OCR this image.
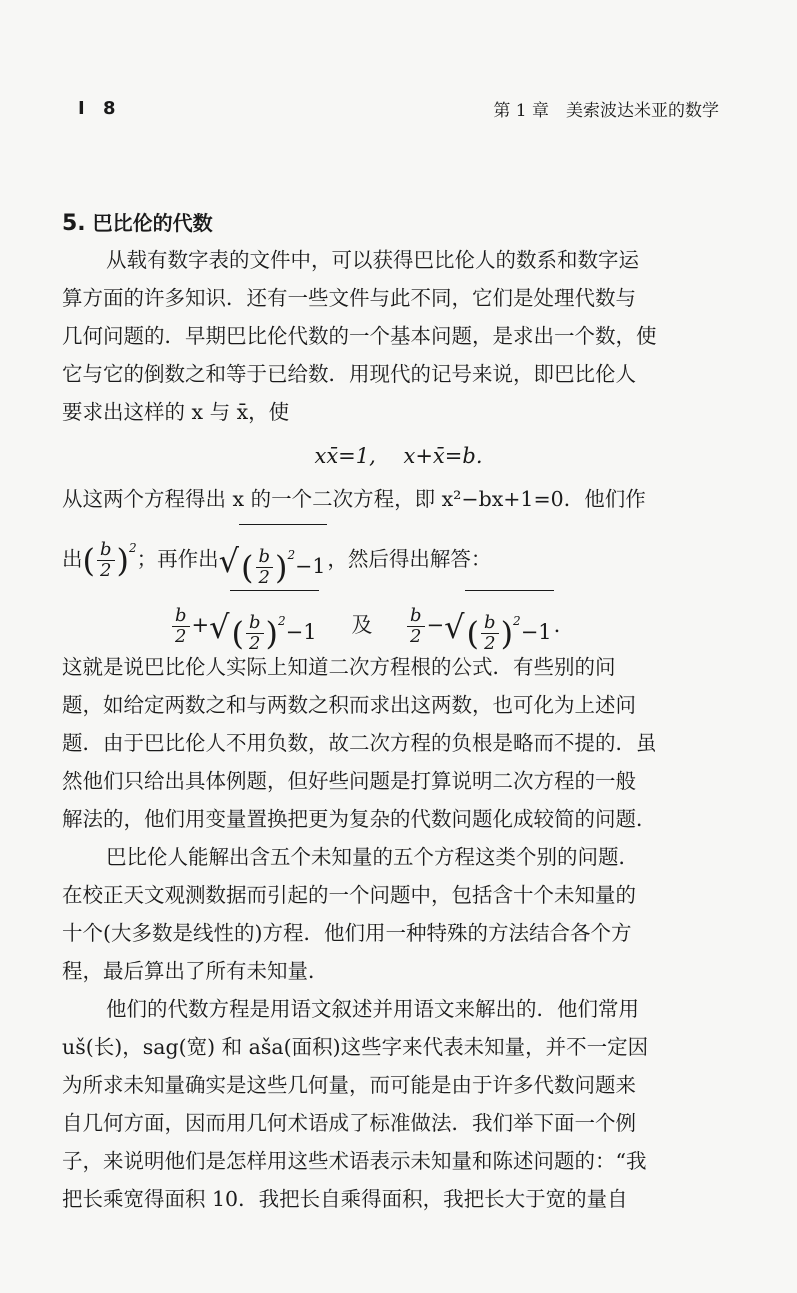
I 8	第 1 章　美索波达米亚的数学
5. 巴比伦的代数
从载有数字表的文件中，可以获得巴比伦人的数系和数字运
算方面的许多知识．还有一些文件与此不同，它们是处理代数与
几何问题的．早期巴比伦代数的一个基本问题，是求出一个数，使
它与它的倒数之和等于已给数．用现代的记号来说，即巴比伦人
要求出这样的 x 与 x̄，使
xx̄=1,　 x+x̄=b.
从这两个方程得出 x 的一个二次方程，即 x²−bx+1=0．他们作
出( $\frac{b}{2} )^2$；再作出√( $\frac{b}{2} )^2-1$，然后得出解答：
$\frac{b}{2}$ +√( $\frac{b}{2} )^2-1$ 及 $\frac{b}{2}$ −√( $\frac{b}{2} )^2-1$.
这就是说巴比伦人实际上知道二次方程根的公式．有些别的问
题，如给定两数之和与两数之积而求出这两数，也可化为上述问
题．由于巴比伦人不用负数，故二次方程的负根是略而不提的．虽
然他们只给出具体例题，但好些问题是打算说明二次方程的一般
解法的，他们用变量置换把更为复杂的代数问题化成较简的问题．
巴比伦人能解出含五个未知量的五个方程这类个别的问题．
在校正天文观测数据而引起的一个问题中，包括含十个未知量的
十个(大多数是线性的)方程．他们用一种特殊的方法结合各个方
程，最后算出了所有未知量．
他们的代数方程是用语文叙述并用语文来解出的．他们常用
uš(长)，sag(宽) 和 ašа(面积)这些字来代表未知量，并不一定因
为所求未知量确实是这些几何量，而可能是由于许多代数问题来
自几何方面，因而用几何术语成了标准做法．我们举下面一个例
子，来说明他们是怎样用这些术语表示未知量和陈述问题的：“我
把长乘宽得面积 10．我把长自乘得面积，我把长大于宽的量自
